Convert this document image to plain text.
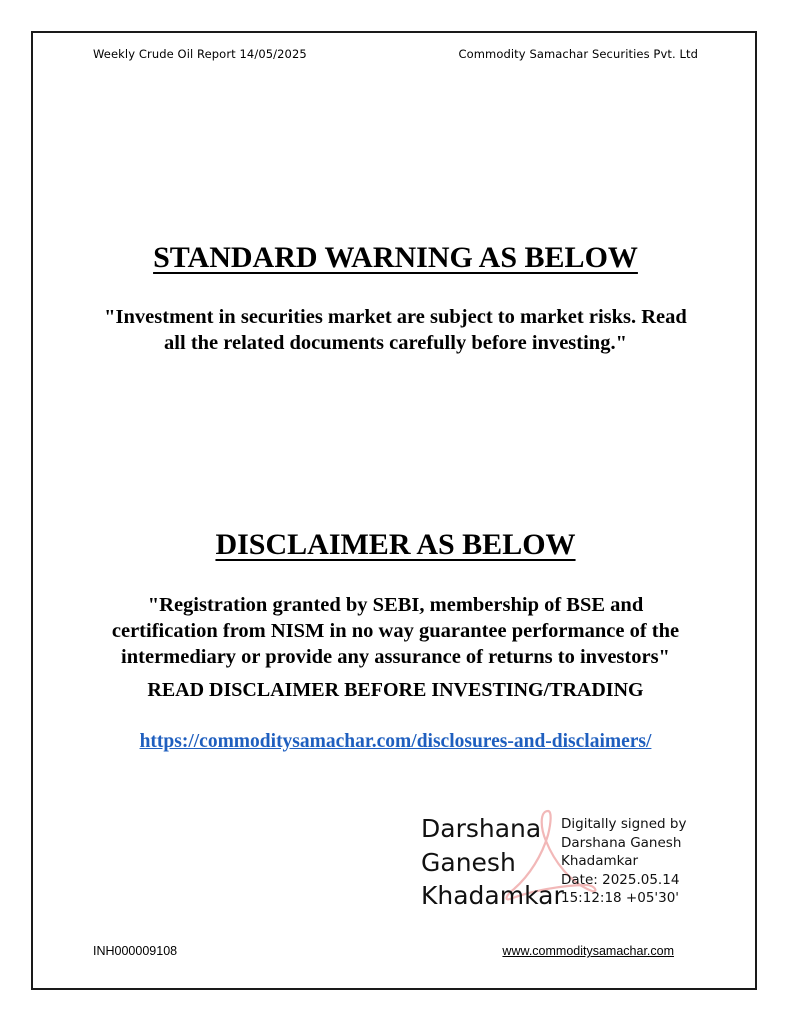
Weekly Crude Oil Report 14/05/2025	Commodity Samachar Securities Pvt. Ltd
STANDARD WARNING AS BELOW
"Investment in securities market are subject to market risks. Read
all the related documents carefully before investing."
DISCLAIMER AS BELOW
"Registration granted by SEBI, membership of BSE and
certification from NISM in no way guarantee performance of the
intermediary or provide any assurance of returns to investors"
READ DISCLAIMER BEFORE INVESTING/TRADING
https://commoditysamachar.com/disclosures-and-disclaimers/
Darshana
Ganesh
Khadamkar
Digitally signed by
Darshana Ganesh
Khadamkar
Date: 2025.05.14
15:12:18 +05'30'
INH000009108	www.commoditysamachar.com
